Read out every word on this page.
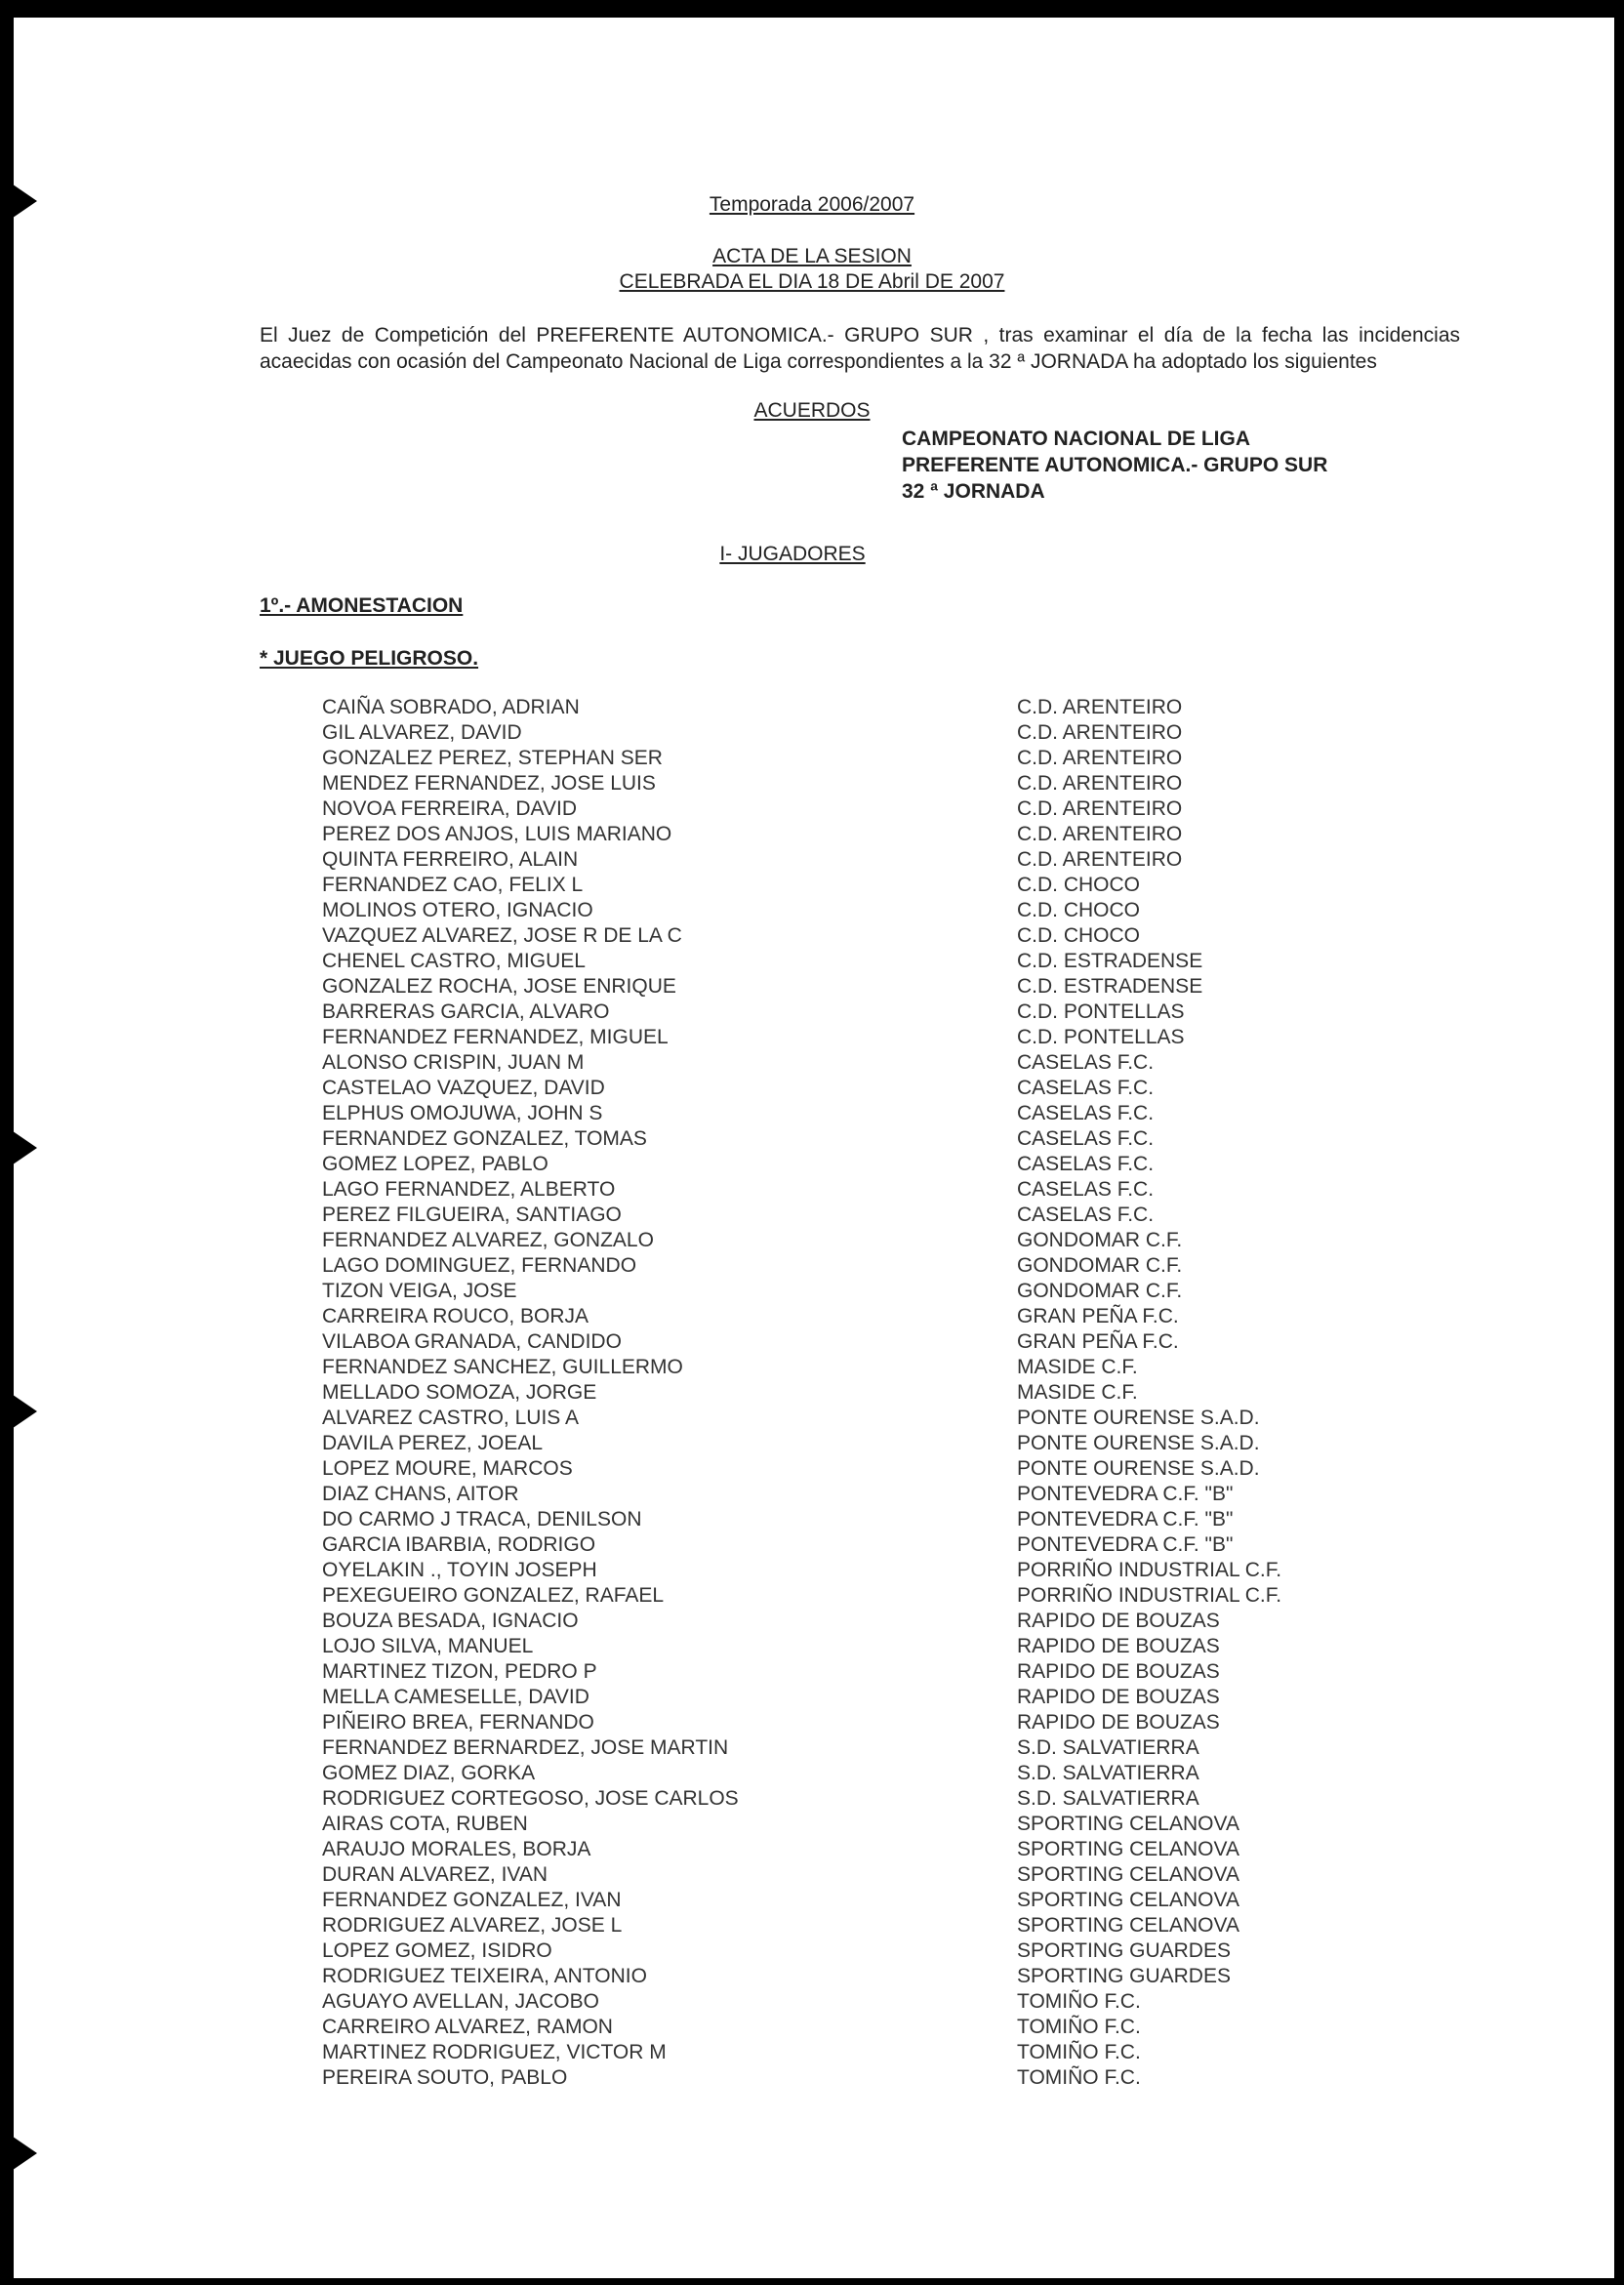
Temporada 2006/2007
ACTA DE LA SESION
CELEBRADA EL DIA 18 DE Abril DE 2007
El Juez de Competición del PREFERENTE AUTONOMICA.- GRUPO SUR , tras examinar el día de la fecha las incidencias acaecidas con ocasión del Campeonato Nacional de Liga correspondientes a la 32 ª JORNADA ha adoptado los siguientes
ACUERDOS
CAMPEONATO NACIONAL DE LIGA
PREFERENTE AUTONOMICA.- GRUPO SUR
32 ª JORNADA
I- JUGADORES
1º.- AMONESTACION
* JUEGO PELIGROSO.
CAIÑA SOBRADO, ADRIAN	C.D. ARENTEIRO
GIL ALVAREZ, DAVID	C.D. ARENTEIRO
GONZALEZ PEREZ, STEPHAN SER	C.D. ARENTEIRO
MENDEZ FERNANDEZ, JOSE LUIS	C.D. ARENTEIRO
NOVOA FERREIRA, DAVID	C.D. ARENTEIRO
PEREZ DOS ANJOS, LUIS MARIANO	C.D. ARENTEIRO
QUINTA FERREIRO, ALAIN	C.D. ARENTEIRO
FERNANDEZ CAO, FELIX L	C.D. CHOCO
MOLINOS OTERO, IGNACIO	C.D. CHOCO
VAZQUEZ ALVAREZ, JOSE R DE LA C	C.D. CHOCO
CHENEL CASTRO, MIGUEL	C.D. ESTRADENSE
GONZALEZ ROCHA, JOSE ENRIQUE	C.D. ESTRADENSE
BARRERAS GARCIA, ALVARO	C.D. PONTELLAS
FERNANDEZ FERNANDEZ, MIGUEL	C.D. PONTELLAS
ALONSO CRISPIN, JUAN M	CASELAS F.C.
CASTELAO VAZQUEZ, DAVID	CASELAS F.C.
ELPHUS OMOJUWA, JOHN S	CASELAS F.C.
FERNANDEZ GONZALEZ, TOMAS	CASELAS F.C.
GOMEZ LOPEZ, PABLO	CASELAS F.C.
LAGO FERNANDEZ, ALBERTO	CASELAS F.C.
PEREZ FILGUEIRA, SANTIAGO	CASELAS F.C.
FERNANDEZ ALVAREZ, GONZALO	GONDOMAR C.F.
LAGO DOMINGUEZ, FERNANDO	GONDOMAR C.F.
TIZON VEIGA, JOSE	GONDOMAR C.F.
CARREIRA ROUCO, BORJA	GRAN PEÑA F.C.
VILABOA GRANADA, CANDIDO	GRAN PEÑA F.C.
FERNANDEZ SANCHEZ, GUILLERMO	MASIDE C.F.
MELLADO SOMOZA, JORGE	MASIDE C.F.
ALVAREZ CASTRO, LUIS A	PONTE OURENSE S.A.D.
DAVILA PEREZ, JOEAL	PONTE OURENSE S.A.D.
LOPEZ MOURE, MARCOS	PONTE OURENSE S.A.D.
DIAZ CHANS, AITOR	PONTEVEDRA C.F. "B"
DO CARMO J TRACA, DENILSON	PONTEVEDRA C.F. "B"
GARCIA IBARBIA, RODRIGO	PONTEVEDRA C.F. "B"
OYELAKIN ., TOYIN JOSEPH	PORRIÑO INDUSTRIAL C.F.
PEXEGUEIRO GONZALEZ, RAFAEL	PORRIÑO INDUSTRIAL C.F.
BOUZA BESADA, IGNACIO	RAPIDO DE BOUZAS
LOJO SILVA, MANUEL	RAPIDO DE BOUZAS
MARTINEZ TIZON, PEDRO P	RAPIDO DE BOUZAS
MELLA CAMESELLE, DAVID	RAPIDO DE BOUZAS
PIÑEIRO BREA, FERNANDO	RAPIDO DE BOUZAS
FERNANDEZ BERNARDEZ, JOSE MARTIN	S.D. SALVATIERRA
GOMEZ DIAZ, GORKA	S.D. SALVATIERRA
RODRIGUEZ CORTEGOSO, JOSE CARLOS	S.D. SALVATIERRA
AIRAS COTA, RUBEN	SPORTING CELANOVA
ARAUJO MORALES, BORJA	SPORTING CELANOVA
DURAN ALVAREZ, IVAN	SPORTING CELANOVA
FERNANDEZ GONZALEZ, IVAN	SPORTING CELANOVA
RODRIGUEZ ALVAREZ, JOSE L	SPORTING CELANOVA
LOPEZ GOMEZ, ISIDRO	SPORTING GUARDES
RODRIGUEZ TEIXEIRA, ANTONIO	SPORTING GUARDES
AGUAYO AVELLAN, JACOBO	TOMIÑO F.C.
CARREIRO ALVAREZ, RAMON	TOMIÑO F.C.
MARTINEZ RODRIGUEZ, VICTOR M	TOMIÑO F.C.
PEREIRA SOUTO, PABLO	TOMIÑO F.C.
